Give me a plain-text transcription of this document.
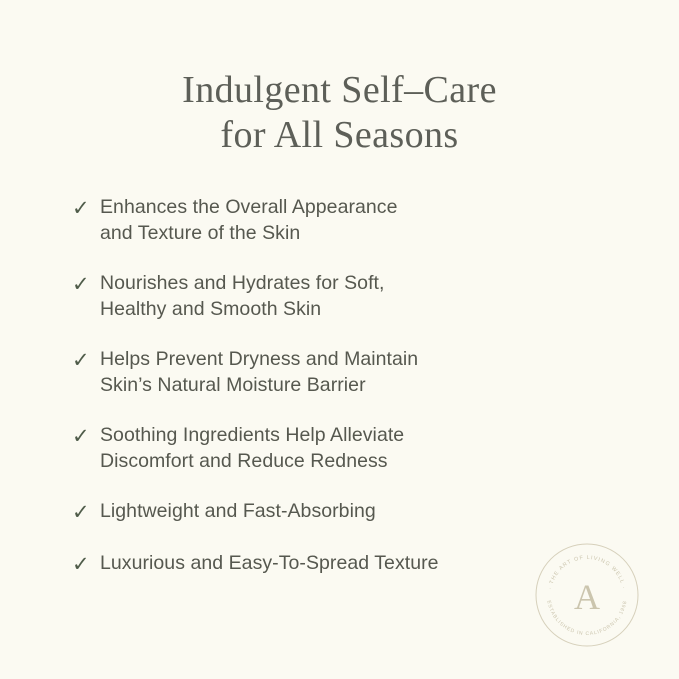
Indulgent Self–Care
for All Seasons
✓ Enhances the Overall Appearance
and Texture of the Skin
✓ Nourishes and Hydrates for Soft,
Healthy and Smooth Skin
✓ Helps Prevent Dryness and Maintain
Skin’s Natural Moisture Barrier
✓ Soothing Ingredients Help Alleviate
Discomfort and Reduce Redness
✓ Lightweight and Fast-Absorbing
✓ Luxurious and Easy-To-Spread Texture
A
· THE ART OF LIVING WELL ·
ESTABLISHED IN CALIFORNIA, 1968
